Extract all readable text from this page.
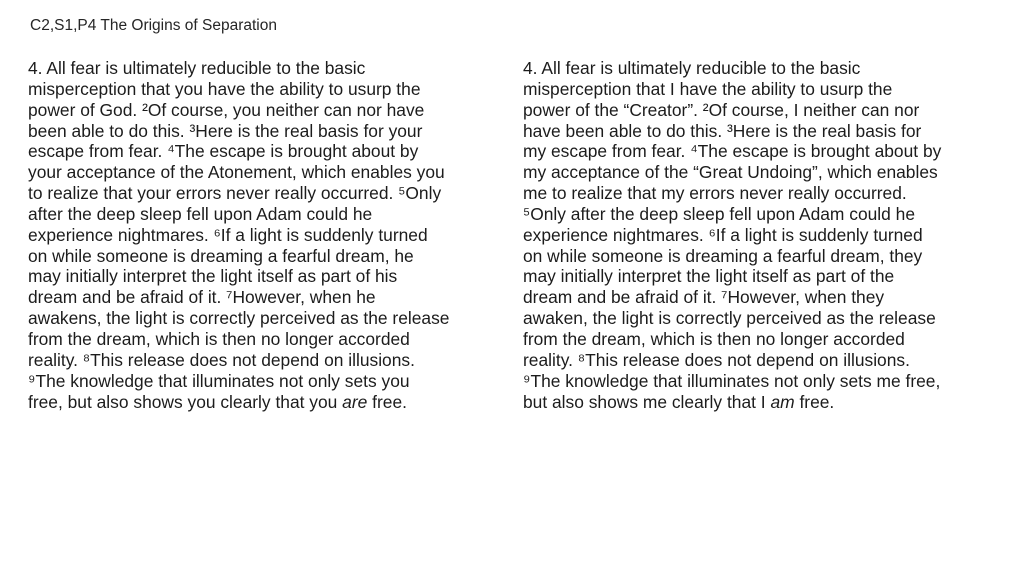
C2,S1,P4 The Origins of Separation
4. All fear is ultimately reducible to the basic
misperception that you have the ability to usurp the
power of God. ²Of course, you neither can nor have
been able to do this. ³Here is the real basis for your
escape from fear. ⁴The escape is brought about by
your acceptance of the Atonement, which enables you
to realize that your errors never really occurred. ⁵Only
after the deep sleep fell upon Adam could he
experience nightmares. ⁶If a light is suddenly turned
on while someone is dreaming a fearful dream, he
may initially interpret the light itself as part of his
dream and be afraid of it. ⁷However, when he
awakens, the light is correctly perceived as the release
from the dream, which is then no longer accorded
reality. ⁸This release does not depend on illusions.
⁹The knowledge that illuminates not only sets you
free, but also shows you clearly that you are free.
4. All fear is ultimately reducible to the basic
misperception that I have the ability to usurp the
power of the “Creator”. ²Of course, I neither can nor
have been able to do this. ³Here is the real basis for
my escape from fear. ⁴The escape is brought about by
my acceptance of the “Great Undoing”, which enables
me to realize that my errors never really occurred.
⁵Only after the deep sleep fell upon Adam could he
experience nightmares. ⁶If a light is suddenly turned
on while someone is dreaming a fearful dream, they
may initially interpret the light itself as part of the
dream and be afraid of it. ⁷However, when they
awaken, the light is correctly perceived as the release
from the dream, which is then no longer accorded
reality. ⁸This release does not depend on illusions.
⁹The knowledge that illuminates not only sets me free,
but also shows me clearly that I am free.
